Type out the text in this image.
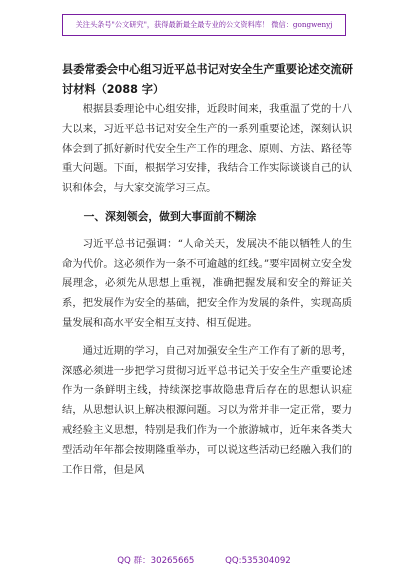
关注头条号"公文研究"，获得最新最全最专业的公文资料库！ 微信：gongwenyj
县委常委会中心组习近平总书记对安全生产重要论述交流研讨材料（2088 字）

根据县委理论中心组安排，近段时间来，我重温了党的十八大以来，习近平总书记对安全生产的一系列重要论述，深刻认识体会到了抓好新时代安全生产工作的理念、原则、方法、路径等重大问题。下面，根据学习安排，我结合工作实际谈谈自己的认识和体会，与大家交流学习三点。

一、深刻领会，做到大事面前不糊涂

习近平总书记强调：“人命关天，发展决不能以牺牲人的生命为代价。这必须作为一条不可逾越的红线。”要牢固树立安全发展理念，必须先从思想上重视，准确把握发展和安全的辩证关系，把发展作为安全的基础，把安全作为发展的条件，实现高质量发展和高水平安全相互支持、相互促进。

通过近期的学习，自己对加强安全生产工作有了新的思考，深感必须进一步把学习贯彻习近平总书记关于安全生产重要论述作为一条鲜明主线，持续深挖事故隐患背后存在的思想认识症结，从思想认识上解决根源问题。习以为常并非一定正常，要力戒经验主义思想，特别是我们作为一个旅游城市，近年来各类大型活动年年都会按期隆重举办，可以说这些活动已经融入我们的工作日常，但是风

QQ 群：30265665	QQ:535304092
